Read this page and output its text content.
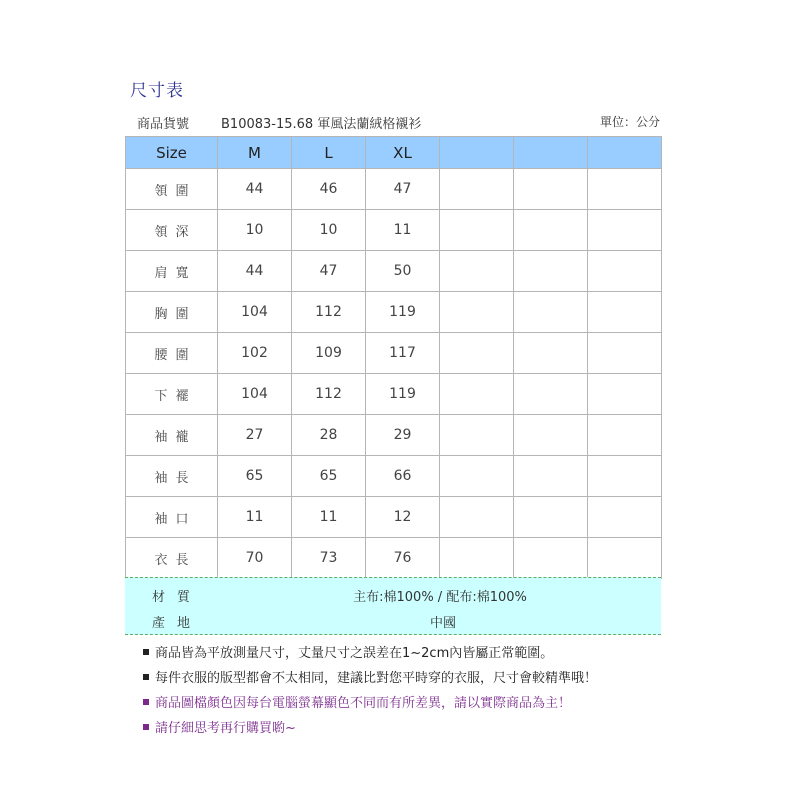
尺寸表
商品貨號 B10083-15.68 軍風法蘭絨格襯衫	單位：公分
Size	M	L	XL			
領圍	44	46	47			
領深	10	10	11			
肩寬	44	47	50			
胸圍	104	112	119			
腰圍	102	109	117			
下襬	104	112	119			
袖襱	27	28	29			
袖長	65	65	66			
袖口	11	11	12			
衣長	70	73	76			
材質	主布:棉100% / 配布:棉100%
產地	中國

商品皆為平放測量尺寸，丈量尺寸之誤差在1~2cm內皆屬正常範圍。

每件衣服的版型都會不太相同，建議比對您平時穿的衣服，尺寸會較精準哦！

商品圖檔顏色因每台電腦螢幕顯色不同而有所差異，請以實際商品為主！

請仔細思考再行購買喲~
